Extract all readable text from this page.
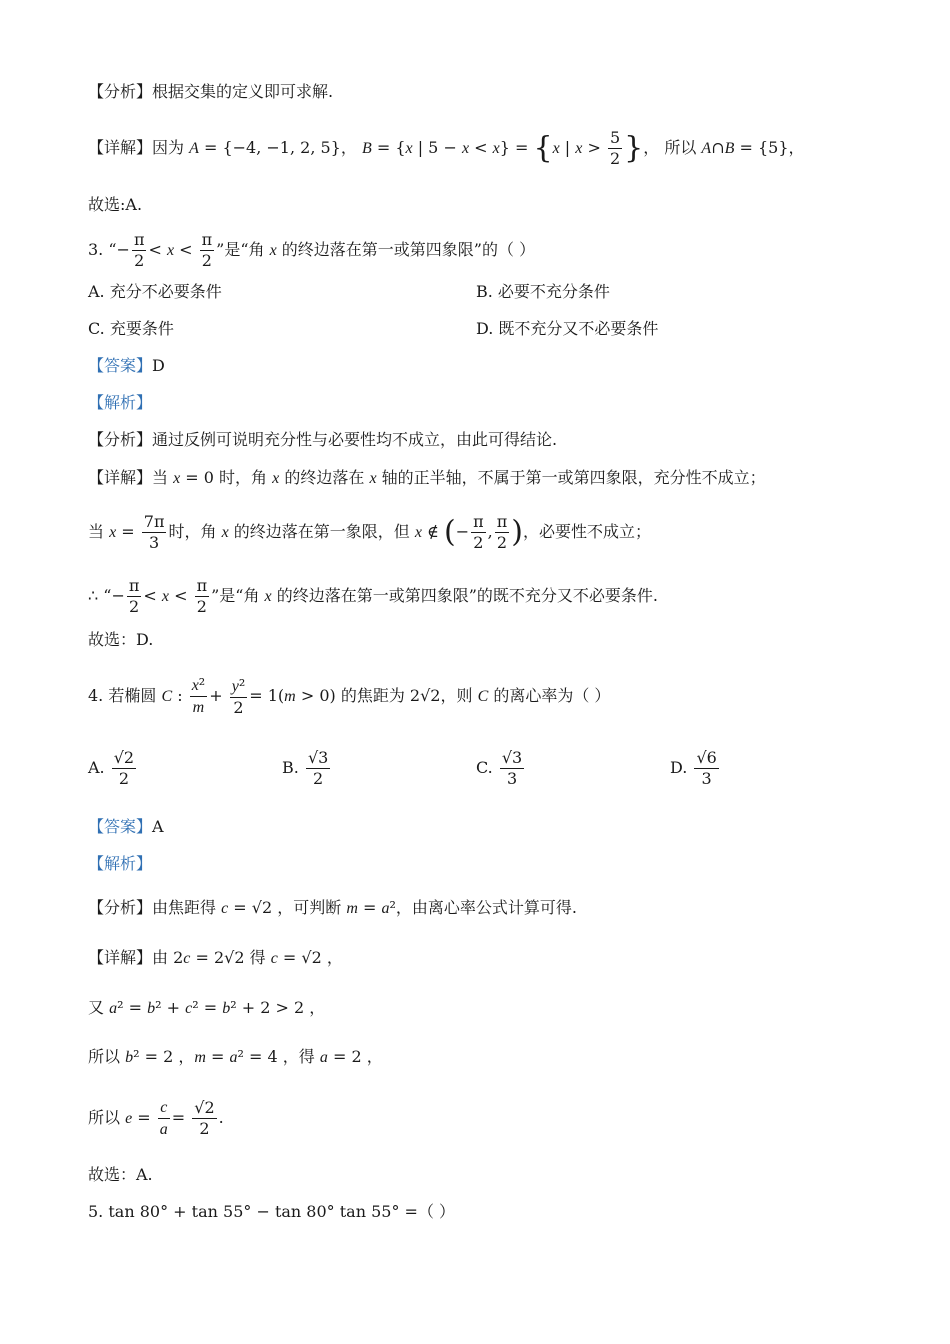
【分析】根据交集的定义即可求解.
【详解】因为 A = {−4, −1, 2, 5}， B = {x | 5 − x < x} = {x | $x > \frac{5}{2}$ }， 所以 A∩B = {5}，
故选:A.
3. “− $\frac{\pi}{2} < x < \frac{\pi}{2}$ ”是“角 x 的终边落在第一或第四象限”的（ ）
A. 充分不必要条件	B. 必要不充分条件
C. 充要条件	D. 既不充分又不必要条件
【答案】D
【解析】
【分析】通过反例可说明充分性与必要性均不成立，由此可得结论.
【详解】当 x = 0 时，角 x 的终边落在 x 轴的正半轴，不属于第一或第四象限，充分性不成立；
当 $x = \frac{7\pi}{3}$ 时，角 x 的终边落在第一象限，但 x ∉ (− $\frac{\pi}{2}$ , $\frac{\pi}{2}$ )，必要性不成立；
∴ “− $\frac{\pi}{2} < x < \frac{\pi}{2}$ ”是“角 x 的终边落在第一或第四象限”的既不充分又不必要条件.
故选：D.
4. 若椭圆 C : $\frac{\text{x²}}{m} + \frac{\text{y²}}{2} = 1(m > 0)$ 的焦距为 2√2，则 C 的离心率为（ ）
A. $\frac{√2}{2}$	B. $\frac{√3}{2}$	C. $\frac{√3}{3}$	D. $\frac{√6}{3}$
【答案】A
【解析】
【分析】由焦距得 c = √2 ，可判断 m = a²，由离心率公式计算可得.
【详解】由 2c = 2√2 得 c = √2 ，
又 a² = b² + c² = b² + 2 > 2 ，
所以 b² = 2 ，m = a² = 4 ，得 a = 2 ，
所以 $e = \frac{c}{a} = \frac{√2}{2}$ .
故选：A.
5. tan 80° + tan 55° − tan 80° tan 55° =（ ）
